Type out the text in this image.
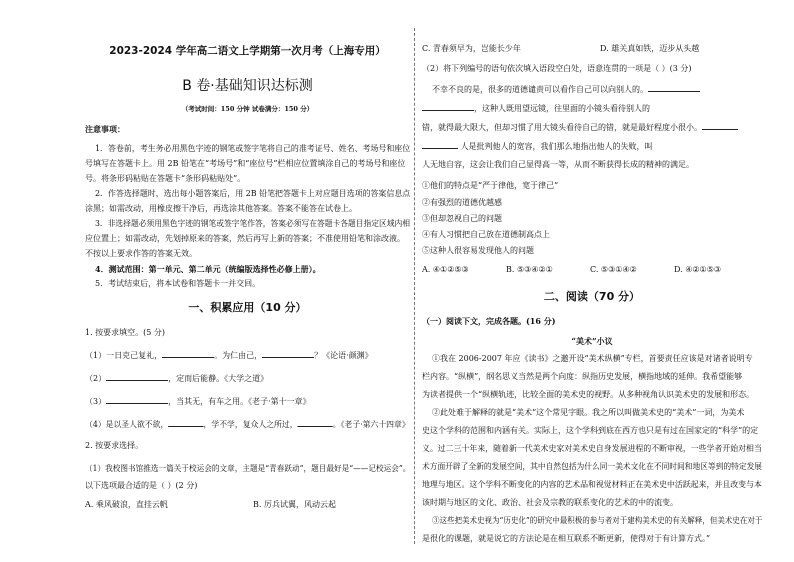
2023-2024 学年高二语文上学期第一次月考（上海专用）
B 卷·基础知识达标测
（考试时间：150 分钟 试卷满分：150 分）
注意事项：
1．答卷前，考生务必用黑色字迹的钢笔或签字笔将自己的准考证号、姓名、考场号和座位
号填写在答题卡上。用 2B 铅笔在“考场号”和“座位号”栏相应位置填涂自己的考场号和座位
号。将条形码粘贴在答题卡“条形码粘贴处”。
2．作答选择题时，选出每小题答案后，用 2B 铅笔把答题卡上对应题目选项的答案信息点
涂黑；如需改动，用橡皮擦干净后，再选涂其他答案。答案不能答在试卷上。
3．非选择题必须用黑色字迹的钢笔或签字笔作答，答案必须写在答题卡各题目指定区域内相
应位置上；如需改动，先划掉原来的答案，然后再写上新的答案；不准使用铅笔和涂改液。
不按以上要求作答的答案无效。
4．测试范围：第一单元、第二单元（统编版选择性必修上册）。
5．考试结束后，将本试卷和答题卡一并交回。
一、积累应用（10 分）
1. 按要求填空。(5 分)
（1）一日克己复礼，	。为仁由己，	？《论语·颜渊》
（2）	，定而后能静。《大学之道》
（3）	，当其无，有车之用。《老子·第十一章》
（4）是以圣人欲不欲，	，学不学，复众人之所过，	。《老子·第六十四章》
2. 按要求选择。
（1）我校图书馆推选一篇关于校运会的文章，主题是“青春跃动”，题目最好是“——记校运会”。
以下选项最合适的是（ ）(2 分)
A. 乘风破浪，直挂云帆	B. 厉兵试翼，风动云起
C. 青春须早为，岂能长少年	D. 雄关真如铁，迈步从头越
（2）将下列编号的语句依次填入语段空白处，语意连贯的一项是（ ）(3 分)
不幸不良的是，很多的道德谴责可以看作自己可以向别人的。
，这种人既用望远镜，往里面的小镜头看待别人的
错，就得最大限大，但却习惯了用大镜头看待自己的错，就是最好程度小很小。
人是批判他人的宽容，我们那么地指出他人的失败，叫
人无地自容，这会让我们自己显得高一等，从而不断获得长成的精神的满足。
①他们的特点是“严于律他，宽于律己”
②有强烈的道德优越感
③但却忽视自己的问题
④有人习惯把自己放在道德制高点上
⑤这种人很容易发现他人的问题
A. ④①②⑤③	B. ⑤③④②①	C. ⑤③①④②	D. ④②①⑤③
二、阅读（70 分）
（一）阅读下文，完成各题。(16 分)
“美术”小议
①我在 2006-2007 年应《读书》之邀开设“美术纵横”专栏，首要责任应该是对诸者说明专
栏内容。“纵横”，纲名思义当然是两个向度：纵指历史发展，横指地域的延伸。我希望能够
为读者提供一个“纵横轨迹，比较全面的美术史的视野。从多种视角认识美术史的发展和形态。
②此处难于解释的就是“美术”这个常见字眼。我之所以叫做美术史的“美术”一词，为美术
史这个学科的范围和内涵有关。实际上，这个学科到底在西方也只是有过在国家定的“科学”的定
义。过二三十年来，随着新一代美术史家对美术史自身发展进程的不断审视，一些学者开始对相当
术方面开辟了全新的发展空间，其中自然包括为什么同一美术文化在不同时间和地区等到的特定发展
地理与地区。这个学科不断变化的内容的艺术品和视觉材料正在美术史中活跃起来，并且改变与本
该时期与地区的文化、政治、社会及宗教的联系变化的艺术的中的流变。
③这些把美术史视为“历史化”的研究中最积极的参与者对于建构美术史的有关解释，但美术史在对于
是很化的课题，就是说它的方法论是在相互联系不断更新，使得对于有计算方式。”
